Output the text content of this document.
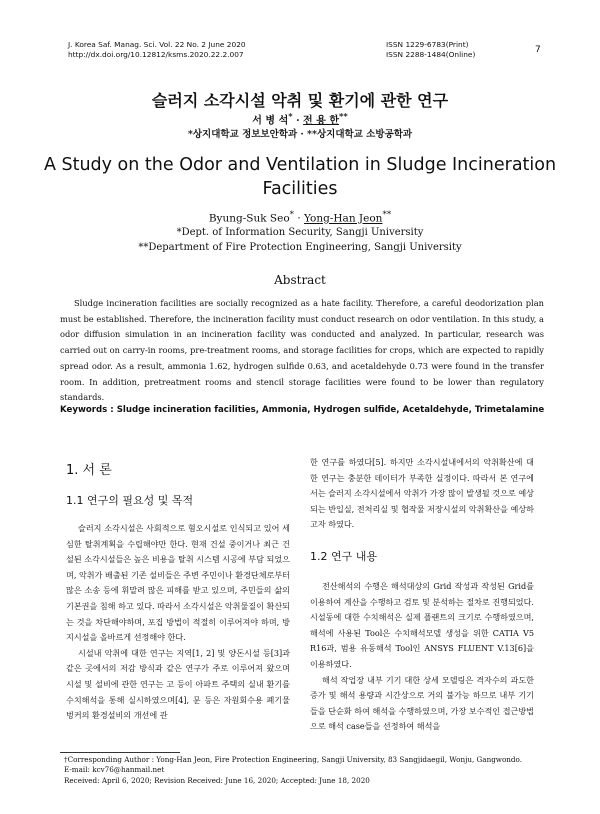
J. Korea Saf. Manag. Sci. Vol. 22 No. 2 June 2020
http://dx.doi.org/10.12812/ksms.2020.22.2.007
ISSN 1229-6783(Print)
ISSN 2288-1484(Online)	7
슬러지 소각시설 악취 및 환기에 관한 연구
서 병 석* · 전 용 한**
*상지대학교 정보보안학과 · **상지대학교 소방공학과
A Study on the Odor and Ventilation in Sludge Incineration Facilities
Byung-Suk Seo* · Yong-Han Jeon**
*Dept. of Information Security, Sangji University
**Department of Fire Protection Engineering, Sangji University
Abstract

Sludge incineration facilities are socially recognized as a hate facility. Therefore, a careful deodorization plan must be established. Therefore, the incineration facility must conduct research on odor ventilation. In this study, a odor diffusion simulation in an incineration facility was conducted and analyzed. In particular, research was carried out on carry-in rooms, pre-treatment rooms, and storage facilities for crops, which are expected to rapidly spread odor. As a result, ammonia 1.62, hydrogen sulfide 0.63, and acetaldehyde 0.73 were found in the transfer room. In addition, pretreatment rooms and stencil storage facilities were found to be lower than regulatory standards.

Keywords : Sludge incineration facilities, Ammonia, Hydrogen sulfide, Acetaldehyde, Trimetalamine
1. 서 론
1.1 연구의 필요성 및 목적

슬러지 소각시설은 사회적으로 혐오시설로 인식되고 있어 세심한 탈취계획을 수립해야만 한다. 현재 건설 중이거나 최근 건설된 소각시설들은 높은 비용을 탈취 시스템 시공에 부담 되었으며, 악취가 배출된 기존 설비들은 주변 주민이나 환경단체로부터 많은 소송 등에 휘말려 많은 피해를 받고 있으며, 주민들의 삶의 기본권을 침해 하고 있다. 따라서 소각시설은 악취물질이 확산되는 것을 차단해야하며, 포집 방법이 적절히 이루어져야 하며, 방지시설을 올바르게 선정해야 한다.

시설내 악취에 대한 연구는 지역[1, 2] 및 양돈시설 등[3]과 같은 곳에서의 저감 방식과 같은 연구가 주로 이루어져 왔으며 시설 및 설비에 관한 연구는 고 등이 아파트 주택의 실내 환기를 수치해석을 통해 실시하였으며[4], 문 등은 자원회수용 폐기물 벙커의 환경설비의 개선에 관

한 연구를 하였다[5]. 하지만 소각시설내에서의 악취확산에 대한 연구는 충분한 데이터가 부족한 실정이다. 따라서 본 연구에서는 슬러지 소각시설에서 악취가 가장 많이 발생될 것으로 예상되는 반입실, 전처리실 및 협작물 저장시설의 악취확산을 예상하고자 하였다.

1.2 연구 내용

전산해석의 수행은 해석대상의 Grid 작성과 작성된 Grid를 이용하여 계산을 수행하고 검토 및 분석하는 절차로 진행되었다. 시설동에 대한 수치해석은 실제 플랜트의 크기로 수행하였으며, 해석에 사용된 Tool은 수치해석모델 생성을 위한 CATIA V5 R16과, 범용 유동해석 Tool인 ANSYS FLUENT V.13[6]을 이용하였다.

해석 작업장 내부 기기 대한 상세 모델링은 격자수의 과도한 증가 및 해석 용량과 시간상으로 거의 불가능 하므로 내부 기기들을 단순화 하여 해석을 수행하였으며, 가장 보수적인 접근방법으로 해석 case들을 선정하여 해석을

†Corresponding Author : Yong-Han Jeon, Fire Protection Engineering, Sangji University, 83 Sangjidaegil, Wonju, Gangwondo.
E-mail: kcv76@hanmail.net
Received: April 6, 2020; Revision Received: June 16, 2020; Accepted: June 18, 2020
